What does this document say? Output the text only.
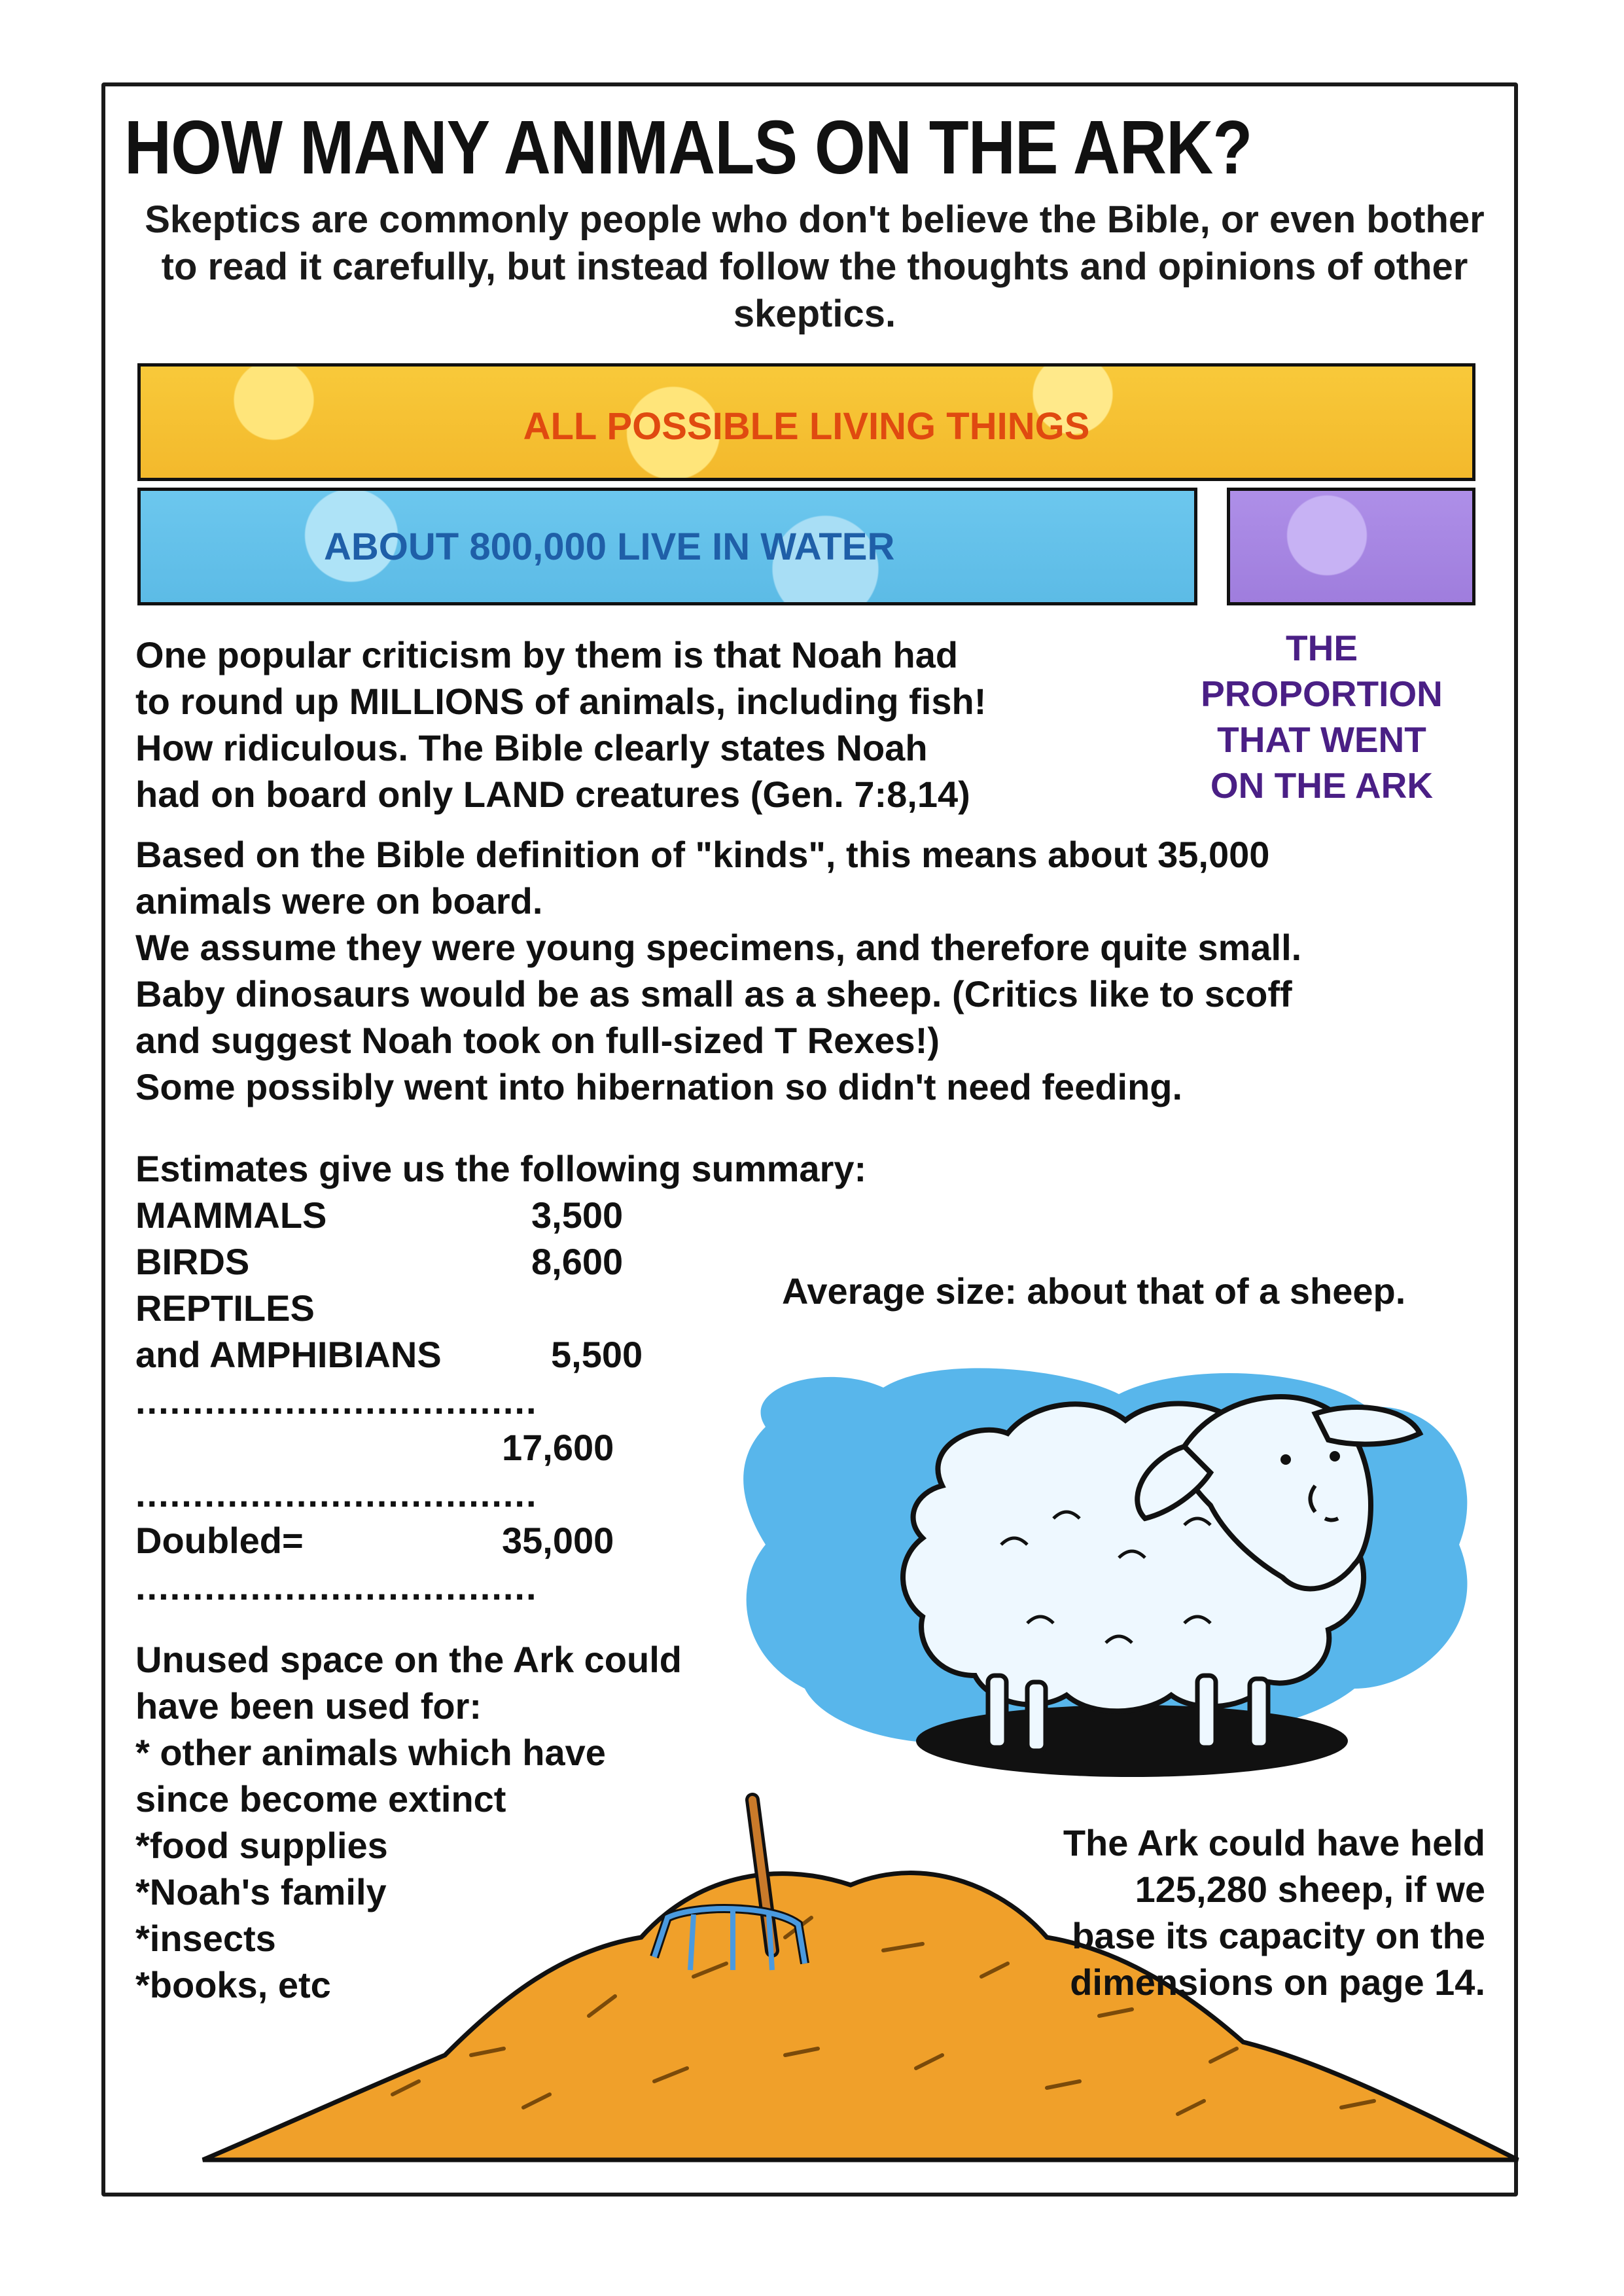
HOW MANY ANIMALS ON THE ARK?
Skeptics are commonly people who don't believe the Bible, or even bother to read it carefully, but instead follow the thoughts and opinions of other skeptics.
ALL POSSIBLE LIVING THINGS
ABOUT 800,000 LIVE IN WATER
THE
PROPORTION
THAT WENT
ON THE ARK
One popular criticism by them is that Noah had
to round up MILLIONS of animals, including fish!
How ridiculous. The Bible clearly states Noah
had on board only LAND creatures (Gen. 7:8,14)
Based on the Bible definition of "kinds", this means about 35,000
animals were on board.
We assume they were young specimens, and therefore quite small.
Baby dinosaurs would be as small as a sheep. (Critics like to scoff
and suggest Noah took on full-sized T Rexes!)
Some possibly went into hibernation so didn't need feeding.
Estimates give us the following summary:
MAMMALS	3,500
BIRDS	8,600
REPTILES
and AMPHIBIANS	5,500
...................................
17,600
...................................
Doubled=	35,000
...................................
Average size: about that of a sheep.
The Ark could have held
125,280 sheep, if we
base its capacity on the
dimensions on page 14.
Unused space on the Ark could
have been used for:
* other animals which have
since become extinct
*food supplies
*Noah's family
*insects
*books, etc
